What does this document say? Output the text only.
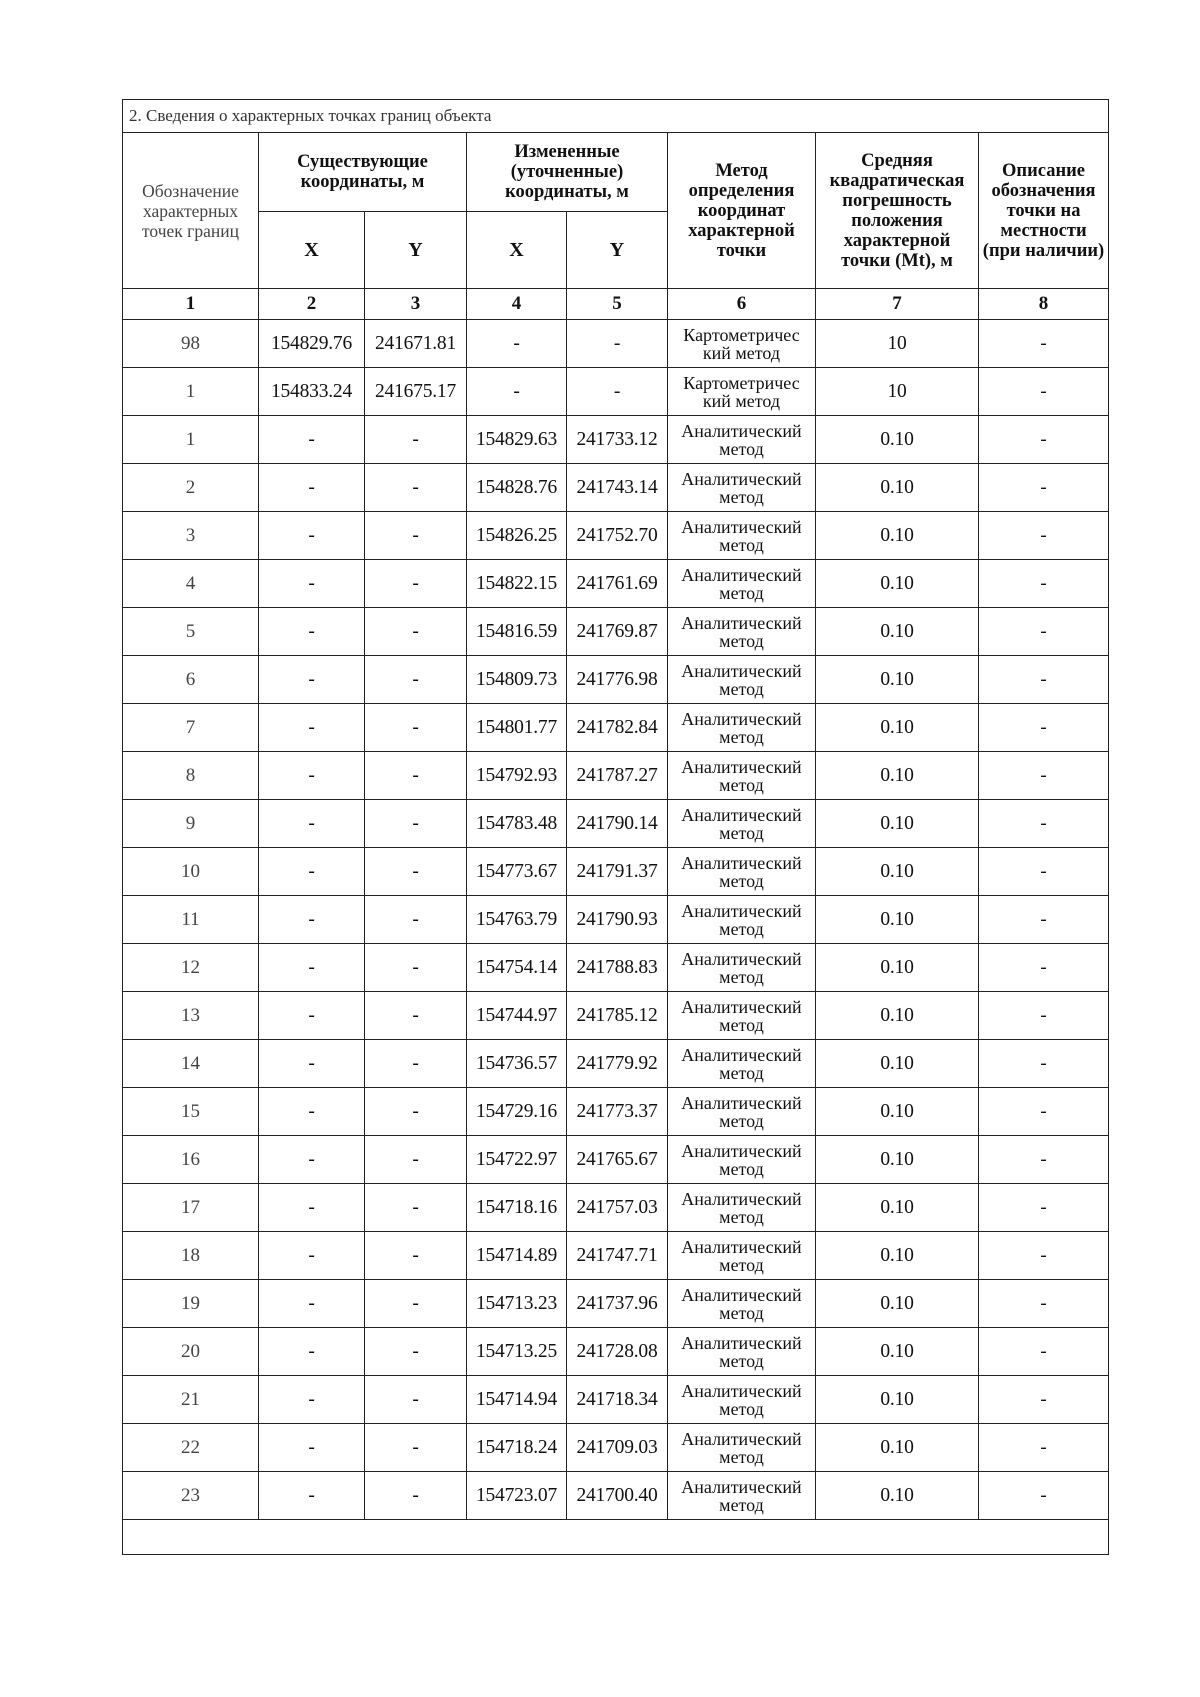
2. Сведения о характерных точках границ объекта							
Обозначение характерных точек границ	Существующие координаты, м		Измененные (уточненные) координаты, м		Метод определения координат характерной точки	Средняя квадратическая погрешность положения характерной точки (Mt), м	Описание обозначения точки на местности (при наличии)
	X	Y	X	Y			
1	2	3	4	5	6	7	8
98	154829.76	241671.81	-	-	Картометричес кий метод	10	-
1	154833.24	241675.17	-	-	Картометричес кий метод	10	-
1	-	-	154829.63	241733.12	Аналитический метод	0.10	-
2	-	-	154828.76	241743.14	Аналитический метод	0.10	-
3	-	-	154826.25	241752.70	Аналитический метод	0.10	-
4	-	-	154822.15	241761.69	Аналитический метод	0.10	-
5	-	-	154816.59	241769.87	Аналитический метод	0.10	-
6	-	-	154809.73	241776.98	Аналитический метод	0.10	-
7	-	-	154801.77	241782.84	Аналитический метод	0.10	-
8	-	-	154792.93	241787.27	Аналитический метод	0.10	-
9	-	-	154783.48	241790.14	Аналитический метод	0.10	-
10	-	-	154773.67	241791.37	Аналитический метод	0.10	-
11	-	-	154763.79	241790.93	Аналитический метод	0.10	-
12	-	-	154754.14	241788.83	Аналитический метод	0.10	-
13	-	-	154744.97	241785.12	Аналитический метод	0.10	-
14	-	-	154736.57	241779.92	Аналитический метод	0.10	-
15	-	-	154729.16	241773.37	Аналитический метод	0.10	-
16	-	-	154722.97	241765.67	Аналитический метод	0.10	-
17	-	-	154718.16	241757.03	Аналитический метод	0.10	-
18	-	-	154714.89	241747.71	Аналитический метод	0.10	-
19	-	-	154713.23	241737.96	Аналитический метод	0.10	-
20	-	-	154713.25	241728.08	Аналитический метод	0.10	-
21	-	-	154714.94	241718.34	Аналитический метод	0.10	-
22	-	-	154718.24	241709.03	Аналитический метод	0.10	-
23	-	-	154723.07	241700.40	Аналитический метод	0.10	-
